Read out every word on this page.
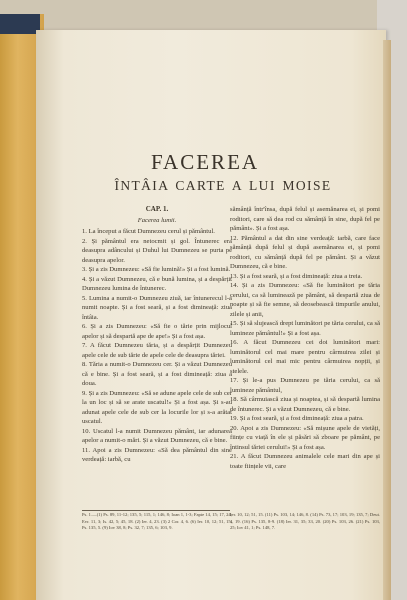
FACEREA
ÎNTÂIA CARTE A LUI MOISE

CAP. 1.

Facerea lumii.

1. La început a făcut Dumnezeu cerul și pământul.

2. Și pământul era netocmit și gol. Întunerec era deasupra adâncului și Duhul lui Dumnezeu se purta pe deasupra apelor.

3. Și a zis Dumnezeu: «Să fie lumină!» Și a fost lumină.

4. Și a văzut Dumnezeu, că e bună lumina, și a despărțit Dumnezeu lumina de întunerec.

5. Lumina a numit-o Dumnezeu ziuă, iar întunerecul l-a numit noapte. Și a fost seară, și a fost dimineață: ziua întâia.

6. Și a zis Dumnezeu: «Să fie o tărie prin mijlocul apelor și să despartă ape de ape!» Și a fost așa.

7. A făcut Dumnezeu tăria, și a despărțit Dumnezeu apele cele de sub tărie de apele cele de deasupra tăriei.

8. Tăria a numit-o Dumnezeu cer. Și a văzut Dumnezeu că e bine. Și a fost seară, și a fost dimineață: ziua a doua.

9. Și a zis Dumnezeu: «Să se adune apele cele de sub cer la un loc și să se arate uscatul!» Și a fost așa. Și s-au adunat apele cele de sub cer la locurile lor și s-a arătat uscatul.

10. Uscatul l-a numit Dumnezeu pământ, iar adunarea apelor a numit-o mări. Și a văzut Dumnezeu, că e bine.

11. Apoi a zis Dumnezeu: «Să dea pământul din sine verdeață: iarbă, cu

sămânță într'însa, după felul și asemănarea ei, și pomi roditori, care să dea rod cu sămânță în sine, după fel pe pământ». Și a fost așa.

12. Pământul a dat din sine verdeață: iarbă, care face sămânță după felul și după asemănarea ei, și pomi roditori, cu sămânță după fel pe pământ. Și a văzut Dumnezeu, că e bine.

13. Și a fost seară, și a fost dimineață: ziua a treia.

14. Și a zis Dumnezeu: «Să fie luminători pe tăria cerului, ca să luminează pe pământ, să despartă ziua de noapte și să fie semne, să deosebească timpurile anului, zilele și anii,

15. Și să slujească drept luminători pe tăria cerului, ca să lumineze pământul!» Și a fost așa.

16. A făcut Dumnezeu cei doi luminători mari: luminătorul cel mai mare pentru cârmuirea zilei și luminătorul cel mai mic pentru cârmuirea nopții, și stelele.

17. Și le-a pus Dumnezeu pe tăria cerului, ca să lumineze pământul,

18. Să cârmuiască ziua și noaptea, și să despartă lumina de întunerec. Și a văzut Dumnezeu, că e bine.

19. Și a fost seară, și a fost dimineață: ziua a patra.

20. Apoi a zis Dumnezeu: «Să mișune apele de vietăți, ființe cu viață în ele și păsări să zboare pe pământ, pe întinsul tăriei cerului!» Și a fost așa.

21. A făcut Dumnezeu animalele cele mari din ape și toate ființele vii, care

Ps. 1.—(1) Ps. 89, 11-12; 135, 5; 115, 1; 146, 8; Ioan 1, 1-3; Fapte 14, 15; 17, 24; Evr. 11, 3; Is. 42, 5; 45, 18. (2) Ier. 4, 23. (3) 2 Cor. 4, 6. (6) Ier. 10, 12; 51, 15; Ps. 135, 5. (9) Iov 38, 8; Ps. 32, 7; 135, 6; 103, 9.
Ier. 10, 12; 51, 15. (11) Ps. 103, 14; 146, 8. (14) Ps. 73, 17; 103, 19; 135, 7; Deut. 4, 19. (16) Ps. 135, 8-9. (18) Ier. 31, 35; 33, 20. (20) Ps. 103, 26. (21) Ps. 103, 25; Iov 41, 1; Ps. 148, 7.
